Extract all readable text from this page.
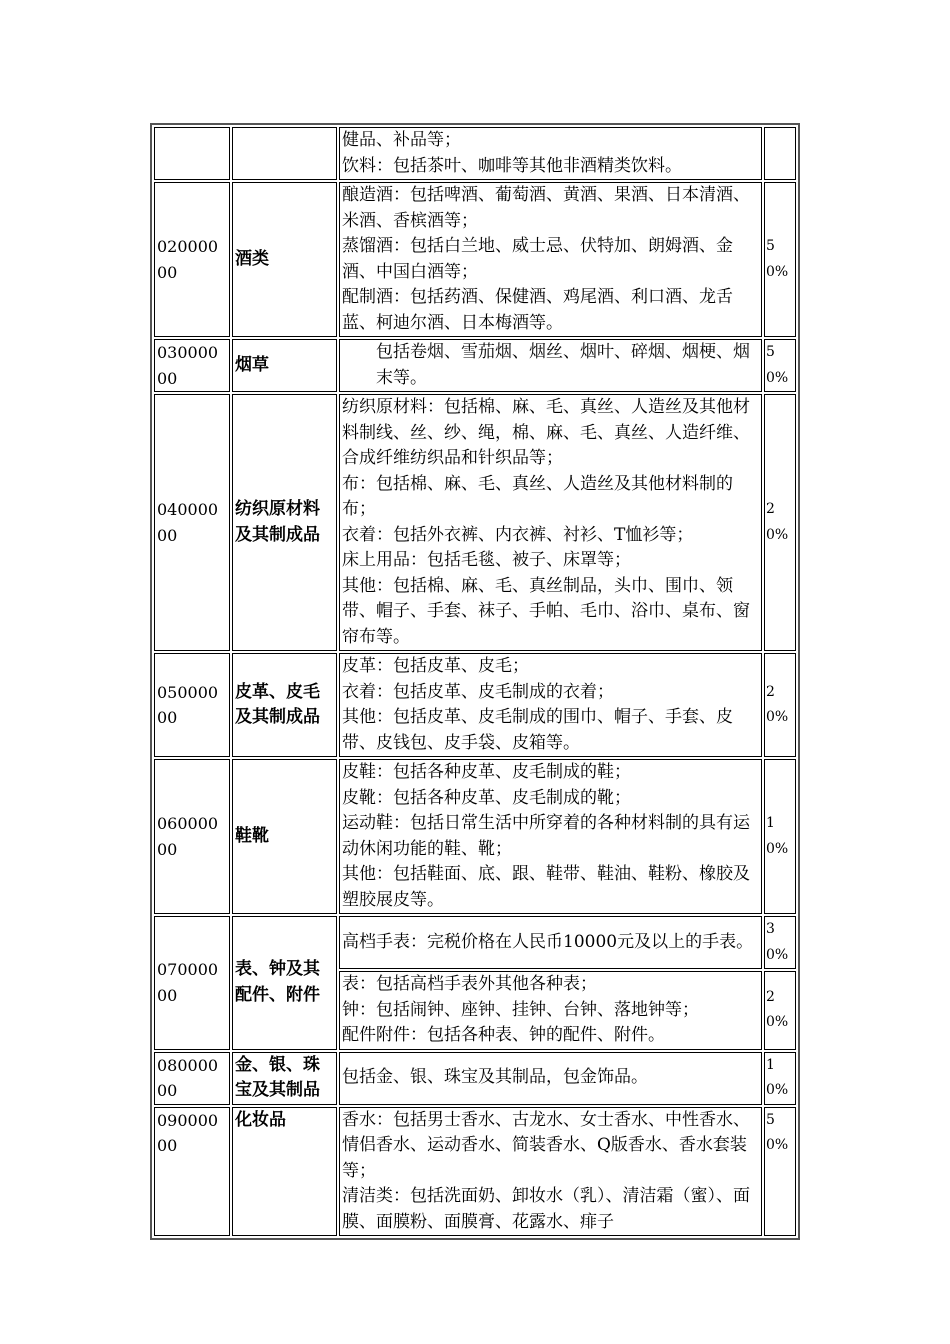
		健品、补品等；
饮料：包括茶叶、咖啡等其他非酒精类饮料。	

02000000	酒类	酿造酒：包括啤酒、葡萄酒、黄酒、果酒、日本清酒、米酒、香槟酒等；
蒸馏酒：包括白兰地、威士忌、伏特加、朗姆酒、金酒、中国白酒等；
配制酒：包括药酒、保健酒、鸡尾酒、利口酒、龙舌蓝、柯迪尔酒、日本梅酒等。	50%
03000000	烟草	包括卷烟、雪茄烟、烟丝、烟叶、碎烟、烟梗、烟末等。	50%
04000000	纺织原材料及其制成品	纺织原材料：包括棉、麻、毛、真丝、人造丝及其他材料制线、丝、纱、绳，棉、麻、毛、真丝、人造纤维、合成纤维纺织品和针织品等；
布：包括棉、麻、毛、真丝、人造丝及其他材料制的布；
衣着：包括外衣裤、内衣裤、衬衫、T恤衫等；
床上用品：包括毛毯、被子、床罩等；
其他：包括棉、麻、毛、真丝制品，头巾、围巾、领带、帽子、手套、袜子、手帕、毛巾、浴巾、桌布、窗帘布等。	20%
05000000	皮革、皮毛及其制成品	皮革：包括皮革、皮毛；
衣着：包括皮革、皮毛制成的衣着；
其他：包括皮革、皮毛制成的围巾、帽子、手套、皮带、皮钱包、皮手袋、皮箱等。	20%
06000000	鞋靴	皮鞋：包括各种皮革、皮毛制成的鞋；
皮靴：包括各种皮革、皮毛制成的靴；
运动鞋：包括日常生活中所穿着的各种材料制的具有运动休闲功能的鞋、靴；
其他：包括鞋面、底、跟、鞋带、鞋油、鞋粉、橡胶及塑胶展皮等。	10%
07000000	表、钟及其配件、附件	高档手表：完税价格在人民币10000元及以上的手表。	30%

		表：包括高档手表外其他各种表；
钟：包括闹钟、座钟、挂钟、台钟、落地钟等；
配件附件：包括各种表、钟的配件、附件。	20%
08000000	金、银、珠宝及其制品	包括金、银、珠宝及其制品，包金饰品。	10%
09000000	化妆品	香水：包括男士香水、古龙水、女士香水、中性香水、情侣香水、运动香水、简装香水、Q版香水、香水套装等；
清洁类：包括洗面奶、卸妆水（乳）、清洁霜（蜜）、面膜、面膜粉、面膜膏、花露水、痱子	50%
